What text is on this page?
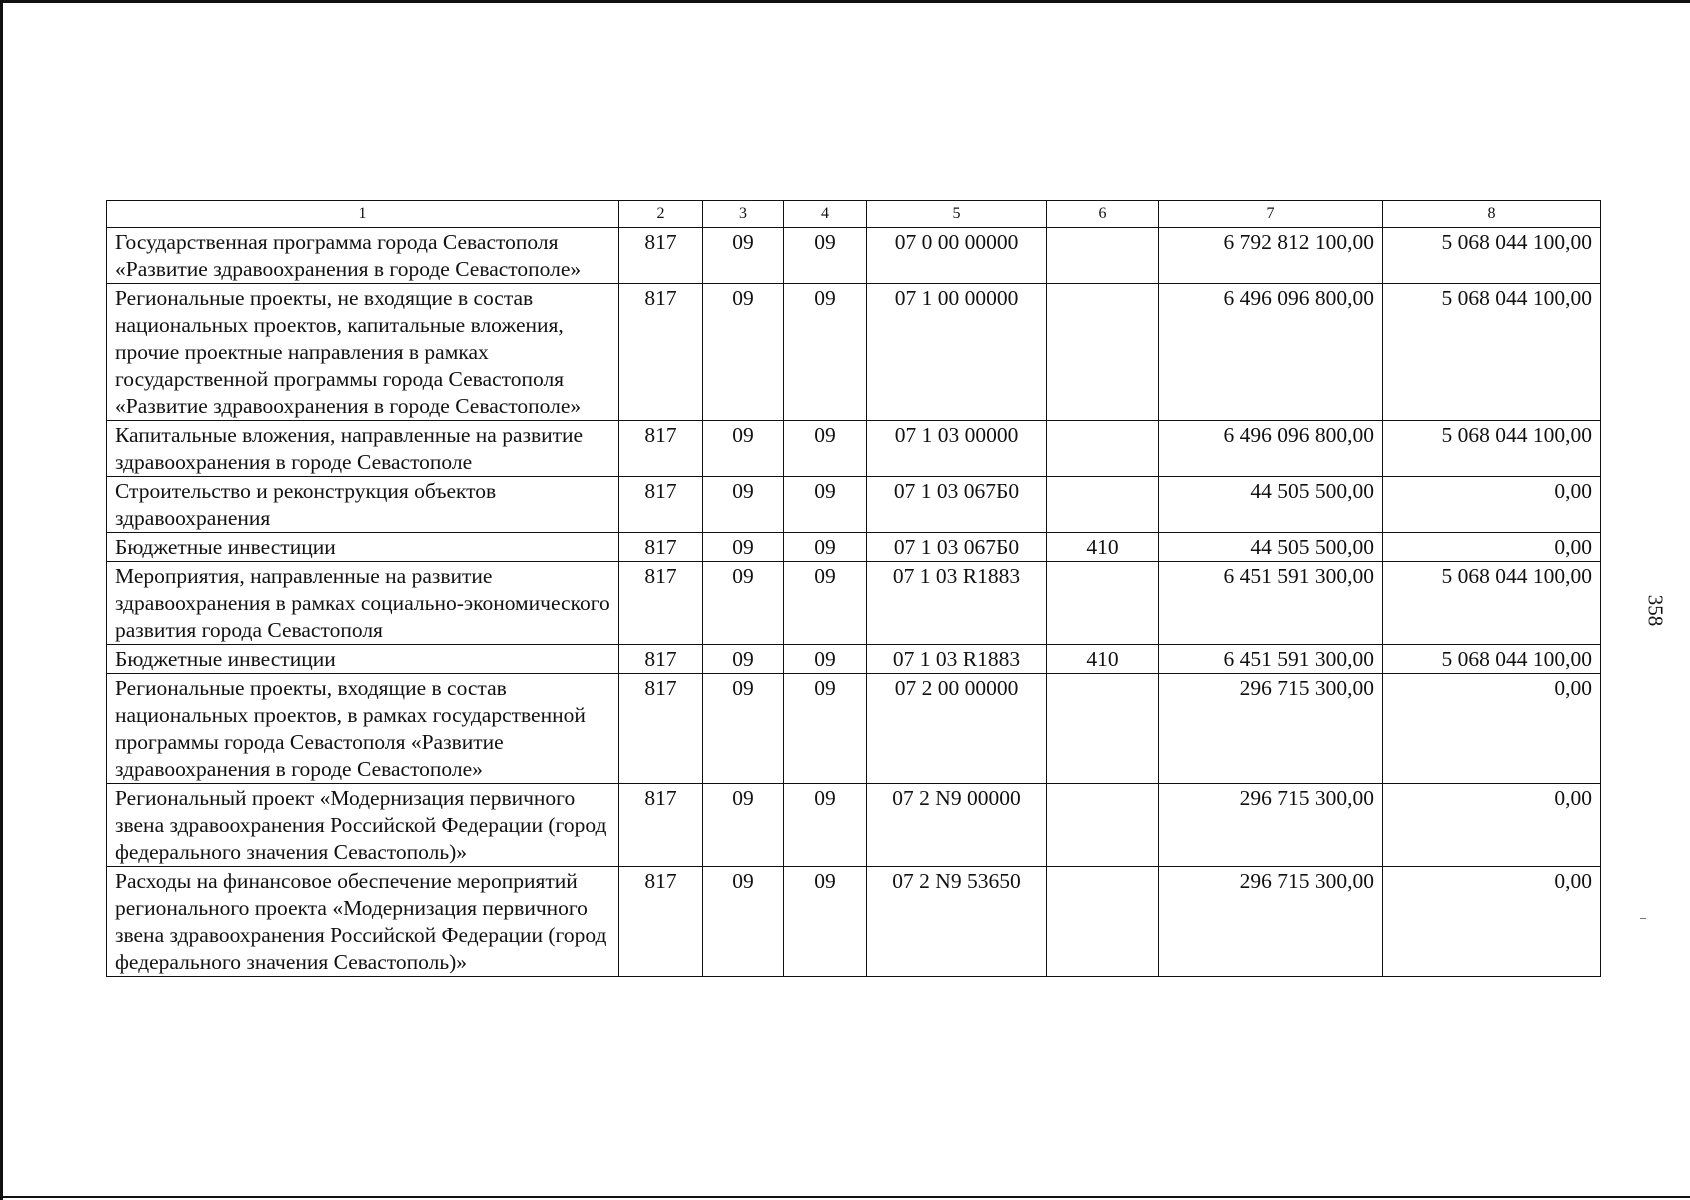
1	2	3	4	5	6	7	8
Государственная программа города Севастополя «Развитие здравоохранения в городе Севастополе»	817	09	09	07 0 00 00000		6 792 812 100,00	5 068 044 100,00
Региональные проекты, не входящие в состав национальных проектов, капитальные вложения, прочие проектные направления в рамках государственной программы города Севастополя «Развитие здравоохранения в городе Севастополе»	817	09	09	07 1 00 00000		6 496 096 800,00	5 068 044 100,00
Капитальные вложения, направленные на развитие здравоохранения в городе Севастополе	817	09	09	07 1 03 00000		6 496 096 800,00	5 068 044 100,00
Строительство и реконструкция объектов здравоохранения	817	09	09	07 1 03 067Б0		44 505 500,00	0,00
Бюджетные инвестиции	817	09	09	07 1 03 067Б0	410	44 505 500,00	0,00
Мероприятия, направленные на развитие здравоохранения в рамках социально-экономического развития города Севастополя	817	09	09	07 1 03 R1883		6 451 591 300,00	5 068 044 100,00
Бюджетные инвестиции	817	09	09	07 1 03 R1883	410	6 451 591 300,00	5 068 044 100,00
Региональные проекты, входящие в состав национальных проектов, в рамках государственной программы города Севастополя «Развитие здравоохранения в городе Севастополе»	817	09	09	07 2 00 00000		296 715 300,00	0,00
Региональный проект «Модернизация первичного звена здравоохранения Российской Федерации (город федерального значения Севастополь)»	817	09	09	07 2 N9 00000		296 715 300,00	0,00
Расходы на финансовое обеспечение мероприятий регионального проекта «Модернизация первичного звена здравоохранения Российской Федерации (город федерального значения Севастополь)»	817	09	09	07 2 N9 53650		296 715 300,00	0,00
358
